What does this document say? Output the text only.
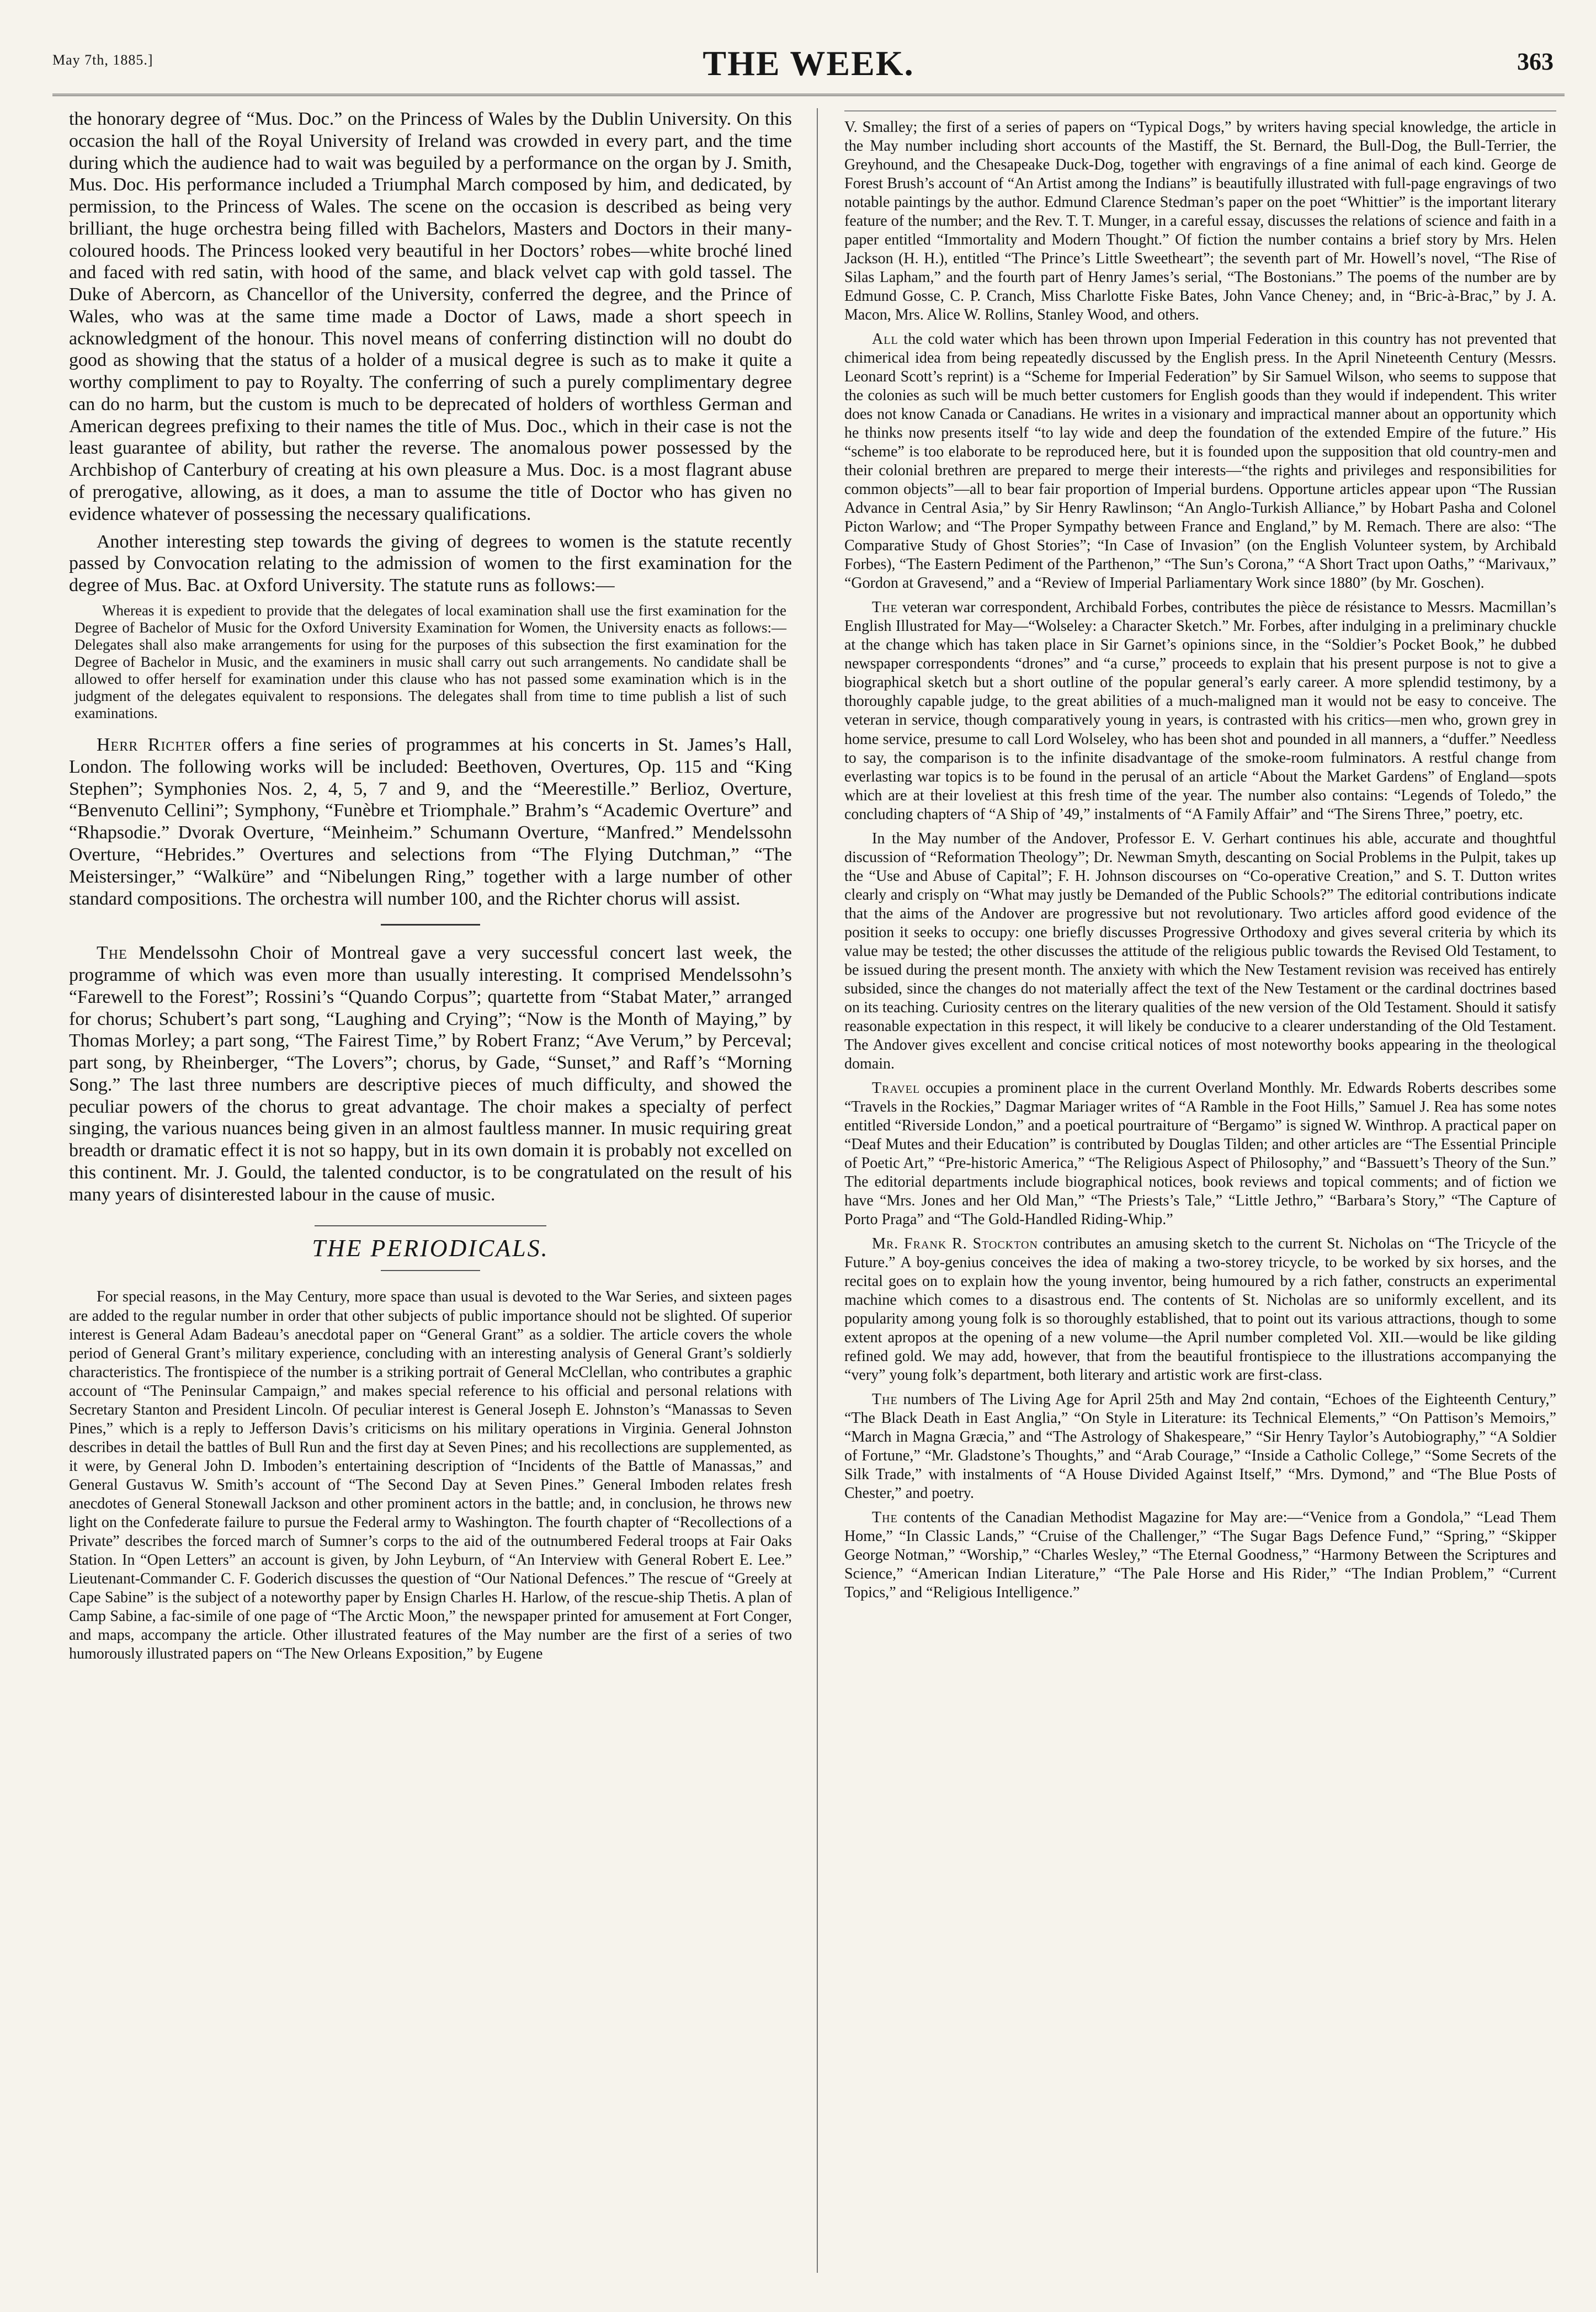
May 7th, 1885.]	THE WEEK.	363

the honorary degree of “Mus. Doc.” on the Princess of Wales by the Dublin University. On this occasion the hall of the Royal University of Ireland was crowded in every part, and the time during which the audience had to wait was beguiled by a performance on the organ by J. Smith, Mus. Doc. His performance included a Triumphal March composed by him, and dedicated, by permission, to the Princess of Wales. The scene on the occasion is described as being very brilliant, the huge orchestra being filled with Bachelors, Masters and Doctors in their many-coloured hoods. The Princess looked very beautiful in her Doctors’ robes—white broché lined and faced with red satin, with hood of the same, and black velvet cap with gold tassel. The Duke of Abercorn, as Chancellor of the University, conferred the degree, and the Prince of Wales, who was at the same time made a Doctor of Laws, made a short speech in acknowledgment of the honour. This novel means of conferring distinction will no doubt do good as showing that the status of a holder of a musical degree is such as to make it quite a worthy compliment to pay to Royalty. The conferring of such a purely complimentary degree can do no harm, but the custom is much to be deprecated of holders of worthless German and American degrees prefixing to their names the title of Mus. Doc., which in their case is not the least guarantee of ability, but rather the reverse. The anomalous power possessed by the Archbishop of Canterbury of creating at his own pleasure a Mus. Doc. is a most flagrant abuse of prerogative, allowing, as it does, a man to assume the title of Doctor who has given no evidence whatever of possessing the necessary qualifications.

Another interesting step towards the giving of degrees to women is the statute recently passed by Convocation relating to the admission of women to the first examination for the degree of Mus. Bac. at Oxford University. The statute runs as follows:—

Whereas it is expedient to provide that the delegates of local examination shall use the first examination for the Degree of Bachelor of Music for the Oxford University Examination for Women, the University enacts as follows:—Delegates shall also make arrangements for using for the purposes of this subsection the first examination for the Degree of Bachelor in Music, and the examiners in music shall carry out such arrangements. No candidate shall be allowed to offer herself for examination under this clause who has not passed some examination which is in the judgment of the delegates equivalent to responsions. The delegates shall from time to time publish a list of such examinations.

Herr Richter offers a fine series of programmes at his concerts in St. James’s Hall, London. The following works will be included: Beethoven, Overtures, Op. 115 and “King Stephen”; Symphonies Nos. 2, 4, 5, 7 and 9, and the “Meerestille.” Berlioz, Overture, “Benvenuto Cellini”; Symphony, “Funèbre et Triomphale.” Brahm’s “Academic Overture” and “Rhapsodie.” Dvorak Overture, “Meinheim.” Schumann Overture, “Manfred.” Mendelssohn Overture, “Hebrides.” Overtures and selections from “The Flying Dutchman,” “The Meistersinger,” “Walküre” and “Nibelungen Ring,” together with a large number of other standard compositions. The orchestra will number 100, and the Richter chorus will assist.

The Mendelssohn Choir of Montreal gave a very successful concert last week, the programme of which was even more than usually interesting. It comprised Mendelssohn’s “Farewell to the Forest”; Rossini’s “Quando Corpus”; quartette from “Stabat Mater,” arranged for chorus; Schubert’s part song, “Laughing and Crying”; “Now is the Month of Maying,” by Thomas Morley; a part song, “The Fairest Time,” by Robert Franz; “Ave Verum,” by Perceval; part song, by Rheinberger, “The Lovers”; chorus, by Gade, “Sunset,” and Raff’s “Morning Song.” The last three numbers are descriptive pieces of much difficulty, and showed the peculiar powers of the chorus to great advantage. The choir makes a specialty of perfect singing, the various nuances being given in an almost faultless manner. In music requiring great breadth or dramatic effect it is not so happy, but in its own domain it is probably not excelled on this continent. Mr. J. Gould, the talented conductor, is to be congratulated on the result of his many years of disinterested labour in the cause of music.

THE PERIODICALS.

For special reasons, in the May Century, more space than usual is devoted to the War Series, and sixteen pages are added to the regular number in order that other subjects of public importance should not be slighted. Of superior interest is General Adam Badeau’s anecdotal paper on “General Grant” as a soldier. The article covers the whole period of General Grant’s military experience, concluding with an interesting analysis of General Grant’s soldierly characteristics. The frontispiece of the number is a striking portrait of General McClellan, who contributes a graphic account of “The Peninsular Campaign,” and makes special reference to his official and personal relations with Secretary Stanton and President Lincoln. Of peculiar interest is General Joseph E. Johnston’s “Manassas to Seven Pines,” which is a reply to Jefferson Davis’s criticisms on his military operations in Virginia. General Johnston describes in detail the battles of Bull Run and the first day at Seven Pines; and his recollections are supplemented, as it were, by General John D. Imboden’s entertaining description of “Incidents of the Battle of Manassas,” and General Gustavus W. Smith’s account of “The Second Day at Seven Pines.” General Imboden relates fresh anecdotes of General Stonewall Jackson and other prominent actors in the battle; and, in conclusion, he throws new light on the Confederate failure to pursue the Federal army to Washington. The fourth chapter of “Recollections of a Private” describes the forced march of Sumner’s corps to the aid of the outnumbered Federal troops at Fair Oaks Station. In “Open Letters” an account is given, by John Leyburn, of “An Interview with General Robert E. Lee.” Lieutenant-Commander C. F. Goderich discusses the question of “Our National Defences.” The rescue of “Greely at Cape Sabine” is the subject of a noteworthy paper by Ensign Charles H. Harlow, of the rescue-ship Thetis. A plan of Camp Sabine, a fac-simile of one page of “The Arctic Moon,” the newspaper printed for amusement at Fort Conger, and maps, accompany the article. Other illustrated features of the May number are the first of a series of two humorously illustrated papers on “The New Orleans Exposition,” by Eugene

V. Smalley; the first of a series of papers on “Typical Dogs,” by writers having special knowledge, the article in the May number including short accounts of the Mastiff, the St. Bernard, the Bull-Dog, the Bull-Terrier, the Greyhound, and the Chesapeake Duck-Dog, together with engravings of a fine animal of each kind. George de Forest Brush’s account of “An Artist among the Indians” is beautifully illustrated with full-page engravings of two notable paintings by the author. Edmund Clarence Stedman’s paper on the poet “Whittier” is the important literary feature of the number; and the Rev. T. T. Munger, in a careful essay, discusses the relations of science and faith in a paper entitled “Immortality and Modern Thought.” Of fiction the number contains a brief story by Mrs. Helen Jackson (H. H.), entitled “The Prince’s Little Sweetheart”; the seventh part of Mr. Howell’s novel, “The Rise of Silas Lapham,” and the fourth part of Henry James’s serial, “The Bostonians.” The poems of the number are by Edmund Gosse, C. P. Cranch, Miss Charlotte Fiske Bates, John Vance Cheney; and, in “Bric-à-Brac,” by J. A. Macon, Mrs. Alice W. Rollins, Stanley Wood, and others.

All the cold water which has been thrown upon Imperial Federation in this country has not prevented that chimerical idea from being repeatedly discussed by the English press. In the April Nineteenth Century (Messrs. Leonard Scott’s reprint) is a “Scheme for Imperial Federation” by Sir Samuel Wilson, who seems to suppose that the colonies as such will be much better customers for English goods than they would if independent. This writer does not know Canada or Canadians. He writes in a visionary and impractical manner about an opportunity which he thinks now presents itself “to lay wide and deep the foundation of the extended Empire of the future.” His “scheme” is too elaborate to be reproduced here, but it is founded upon the supposition that old country-men and their colonial brethren are prepared to merge their interests—“the rights and privileges and responsibilities for common objects”—all to bear fair proportion of Imperial burdens. Opportune articles appear upon “The Russian Advance in Central Asia,” by Sir Henry Rawlinson; “An Anglo-Turkish Alliance,” by Hobart Pasha and Colonel Picton Warlow; and “The Proper Sympathy between France and England,” by M. Remach. There are also: “The Comparative Study of Ghost Stories”; “In Case of Invasion” (on the English Volunteer system, by Archibald Forbes), “The Eastern Pediment of the Parthenon,” “The Sun’s Corona,” “A Short Tract upon Oaths,” “Marivaux,” “Gordon at Gravesend,” and a “Review of Imperial Parliamentary Work since 1880” (by Mr. Goschen).

The veteran war correspondent, Archibald Forbes, contributes the pièce de résistance to Messrs. Macmillan’s English Illustrated for May—“Wolseley: a Character Sketch.” Mr. Forbes, after indulging in a preliminary chuckle at the change which has taken place in Sir Garnet’s opinions since, in the “Soldier’s Pocket Book,” he dubbed newspaper correspondents “drones” and “a curse,” proceeds to explain that his present purpose is not to give a biographical sketch but a short outline of the popular general’s early career. A more splendid testimony, by a thoroughly capable judge, to the great abilities of a much-maligned man it would not be easy to conceive. The veteran in service, though comparatively young in years, is contrasted with his critics—men who, grown grey in home service, presume to call Lord Wolseley, who has been shot and pounded in all manners, a “duffer.” Needless to say, the comparison is to the infinite disadvantage of the smoke-room fulminators. A restful change from everlasting war topics is to be found in the perusal of an article “About the Market Gardens” of England—spots which are at their loveliest at this fresh time of the year. The number also contains: “Legends of Toledo,” the concluding chapters of “A Ship of ’49,” instalments of “A Family Affair” and “The Sirens Three,” poetry, etc.

In the May number of the Andover, Professor E. V. Gerhart continues his able, accurate and thoughtful discussion of “Reformation Theology”; Dr. Newman Smyth, descanting on Social Problems in the Pulpit, takes up the “Use and Abuse of Capital”; F. H. Johnson discourses on “Co-operative Creation,” and S. T. Dutton writes clearly and crisply on “What may justly be Demanded of the Public Schools?” The editorial contributions indicate that the aims of the Andover are progressive but not revolutionary. Two articles afford good evidence of the position it seeks to occupy: one briefly discusses Progressive Orthodoxy and gives several criteria by which its value may be tested; the other discusses the attitude of the religious public towards the Revised Old Testament, to be issued during the present month. The anxiety with which the New Testament revision was received has entirely subsided, since the changes do not materially affect the text of the New Testament or the cardinal doctrines based on its teaching. Curiosity centres on the literary qualities of the new version of the Old Testament. Should it satisfy reasonable expectation in this respect, it will likely be conducive to a clearer understanding of the Old Testament. The Andover gives excellent and concise critical notices of most noteworthy books appearing in the theological domain.

Travel occupies a prominent place in the current Overland Monthly. Mr. Edwards Roberts describes some “Travels in the Rockies,” Dagmar Mariager writes of “A Ramble in the Foot Hills,” Samuel J. Rea has some notes entitled “Riverside London,” and a poetical pourtraiture of “Bergamo” is signed W. Winthrop. A practical paper on “Deaf Mutes and their Education” is contributed by Douglas Tilden; and other articles are “The Essential Principle of Poetic Art,” “Pre-historic America,” “The Religious Aspect of Philosophy,” and “Bassuett’s Theory of the Sun.” The editorial departments include biographical notices, book reviews and topical comments; and of fiction we have “Mrs. Jones and her Old Man,” “The Priests’s Tale,” “Little Jethro,” “Barbara’s Story,” “The Capture of Porto Praga” and “The Gold-Handled Riding-Whip.”

Mr. Frank R. Stockton contributes an amusing sketch to the current St. Nicholas on “The Tricycle of the Future.” A boy-genius conceives the idea of making a two-storey tricycle, to be worked by six horses, and the recital goes on to explain how the young inventor, being humoured by a rich father, constructs an experimental machine which comes to a disastrous end. The contents of St. Nicholas are so uniformly excellent, and its popularity among young folk is so thoroughly established, that to point out its various attractions, though to some extent apropos at the opening of a new volume—the April number completed Vol. XII.—would be like gilding refined gold. We may add, however, that from the beautiful frontispiece to the illustrations accompanying the “very” young folk’s department, both literary and artistic work are first-class.

The numbers of The Living Age for April 25th and May 2nd contain, “Echoes of the Eighteenth Century,” “The Black Death in East Anglia,” “On Style in Literature: its Technical Elements,” “On Pattison’s Memoirs,” “March in Magna Græcia,” and “The Astrology of Shakespeare,” “Sir Henry Taylor’s Autobiography,” “A Soldier of Fortune,” “Mr. Gladstone’s Thoughts,” and “Arab Courage,” “Inside a Catholic College,” “Some Secrets of the Silk Trade,” with instalments of “A House Divided Against Itself,” “Mrs. Dymond,” and “The Blue Posts of Chester,” and poetry.

The contents of the Canadian Methodist Magazine for May are:—“Venice from a Gondola,” “Lead Them Home,” “In Classic Lands,” “Cruise of the Challenger,” “The Sugar Bags Defence Fund,” “Spring,” “Skipper George Notman,” “Worship,” “Charles Wesley,” “The Eternal Goodness,” “Harmony Between the Scriptures and Science,” “American Indian Literature,” “The Pale Horse and His Rider,” “The Indian Problem,” “Current Topics,” and “Religious Intelligence.”
